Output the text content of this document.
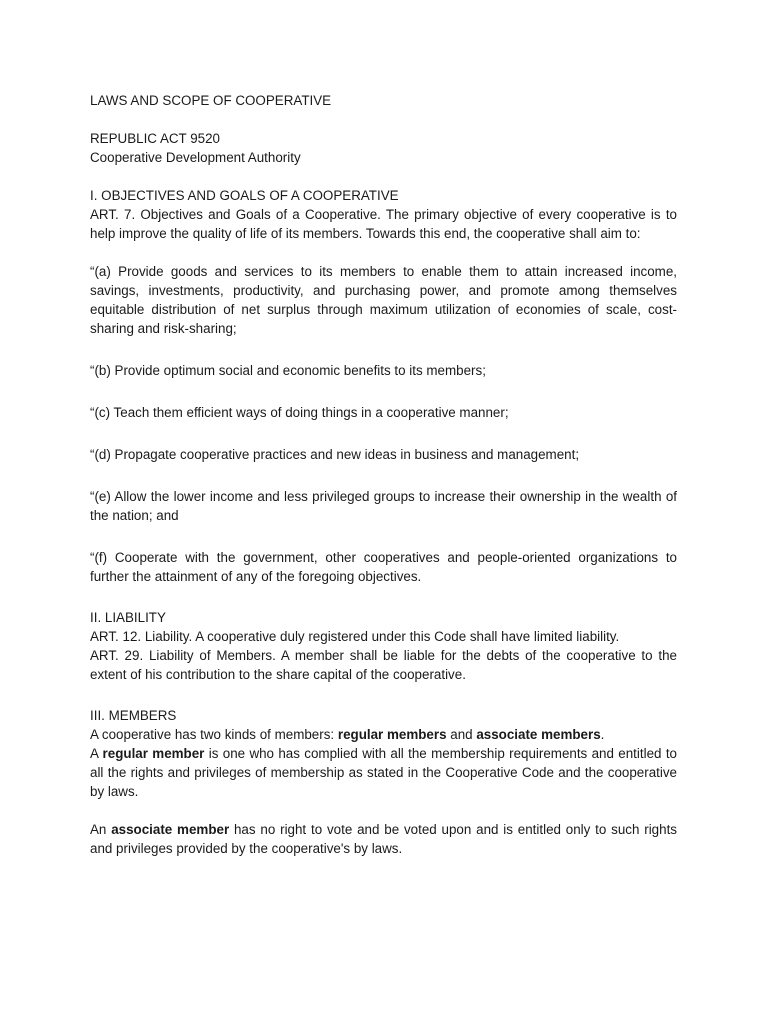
LAWS AND SCOPE OF COOPERATIVE
REPUBLIC ACT 9520
Cooperative Development Authority
I. OBJECTIVES AND GOALS OF A COOPERATIVE
ART. 7. Objectives and Goals of a Cooperative. The primary objective of every cooperative is to help improve the quality of life of its members. Towards this end, the cooperative shall aim to:
“(a) Provide goods and services to its members to enable them to attain increased income, savings, investments, productivity, and purchasing power, and promote among themselves equitable distribution of net surplus through maximum utilization of economies of scale, cost-sharing and risk-sharing;
“(b) Provide optimum social and economic benefits to its members;
“(c) Teach them efficient ways of doing things in a cooperative manner;
“(d) Propagate cooperative practices and new ideas in business and management;
“(e) Allow the lower income and less privileged groups to increase their ownership in the wealth of the nation; and
“(f) Cooperate with the government, other cooperatives and people-oriented organizations to further the attainment of any of the foregoing objectives.
II. LIABILITY
ART. 12. Liability. A cooperative duly registered under this Code shall have limited liability.
ART. 29. Liability of Members. A member shall be liable for the debts of the cooperative to the extent of his contribution to the share capital of the cooperative.
III. MEMBERS
A cooperative has two kinds of members: regular members and associate members.
A regular member is one who has complied with all the membership requirements and entitled to all the rights and privileges of membership as stated in the Cooperative Code and the cooperative by laws.
An associate member has no right to vote and be voted upon and is entitled only to such rights and privileges provided by the cooperative's by laws.
